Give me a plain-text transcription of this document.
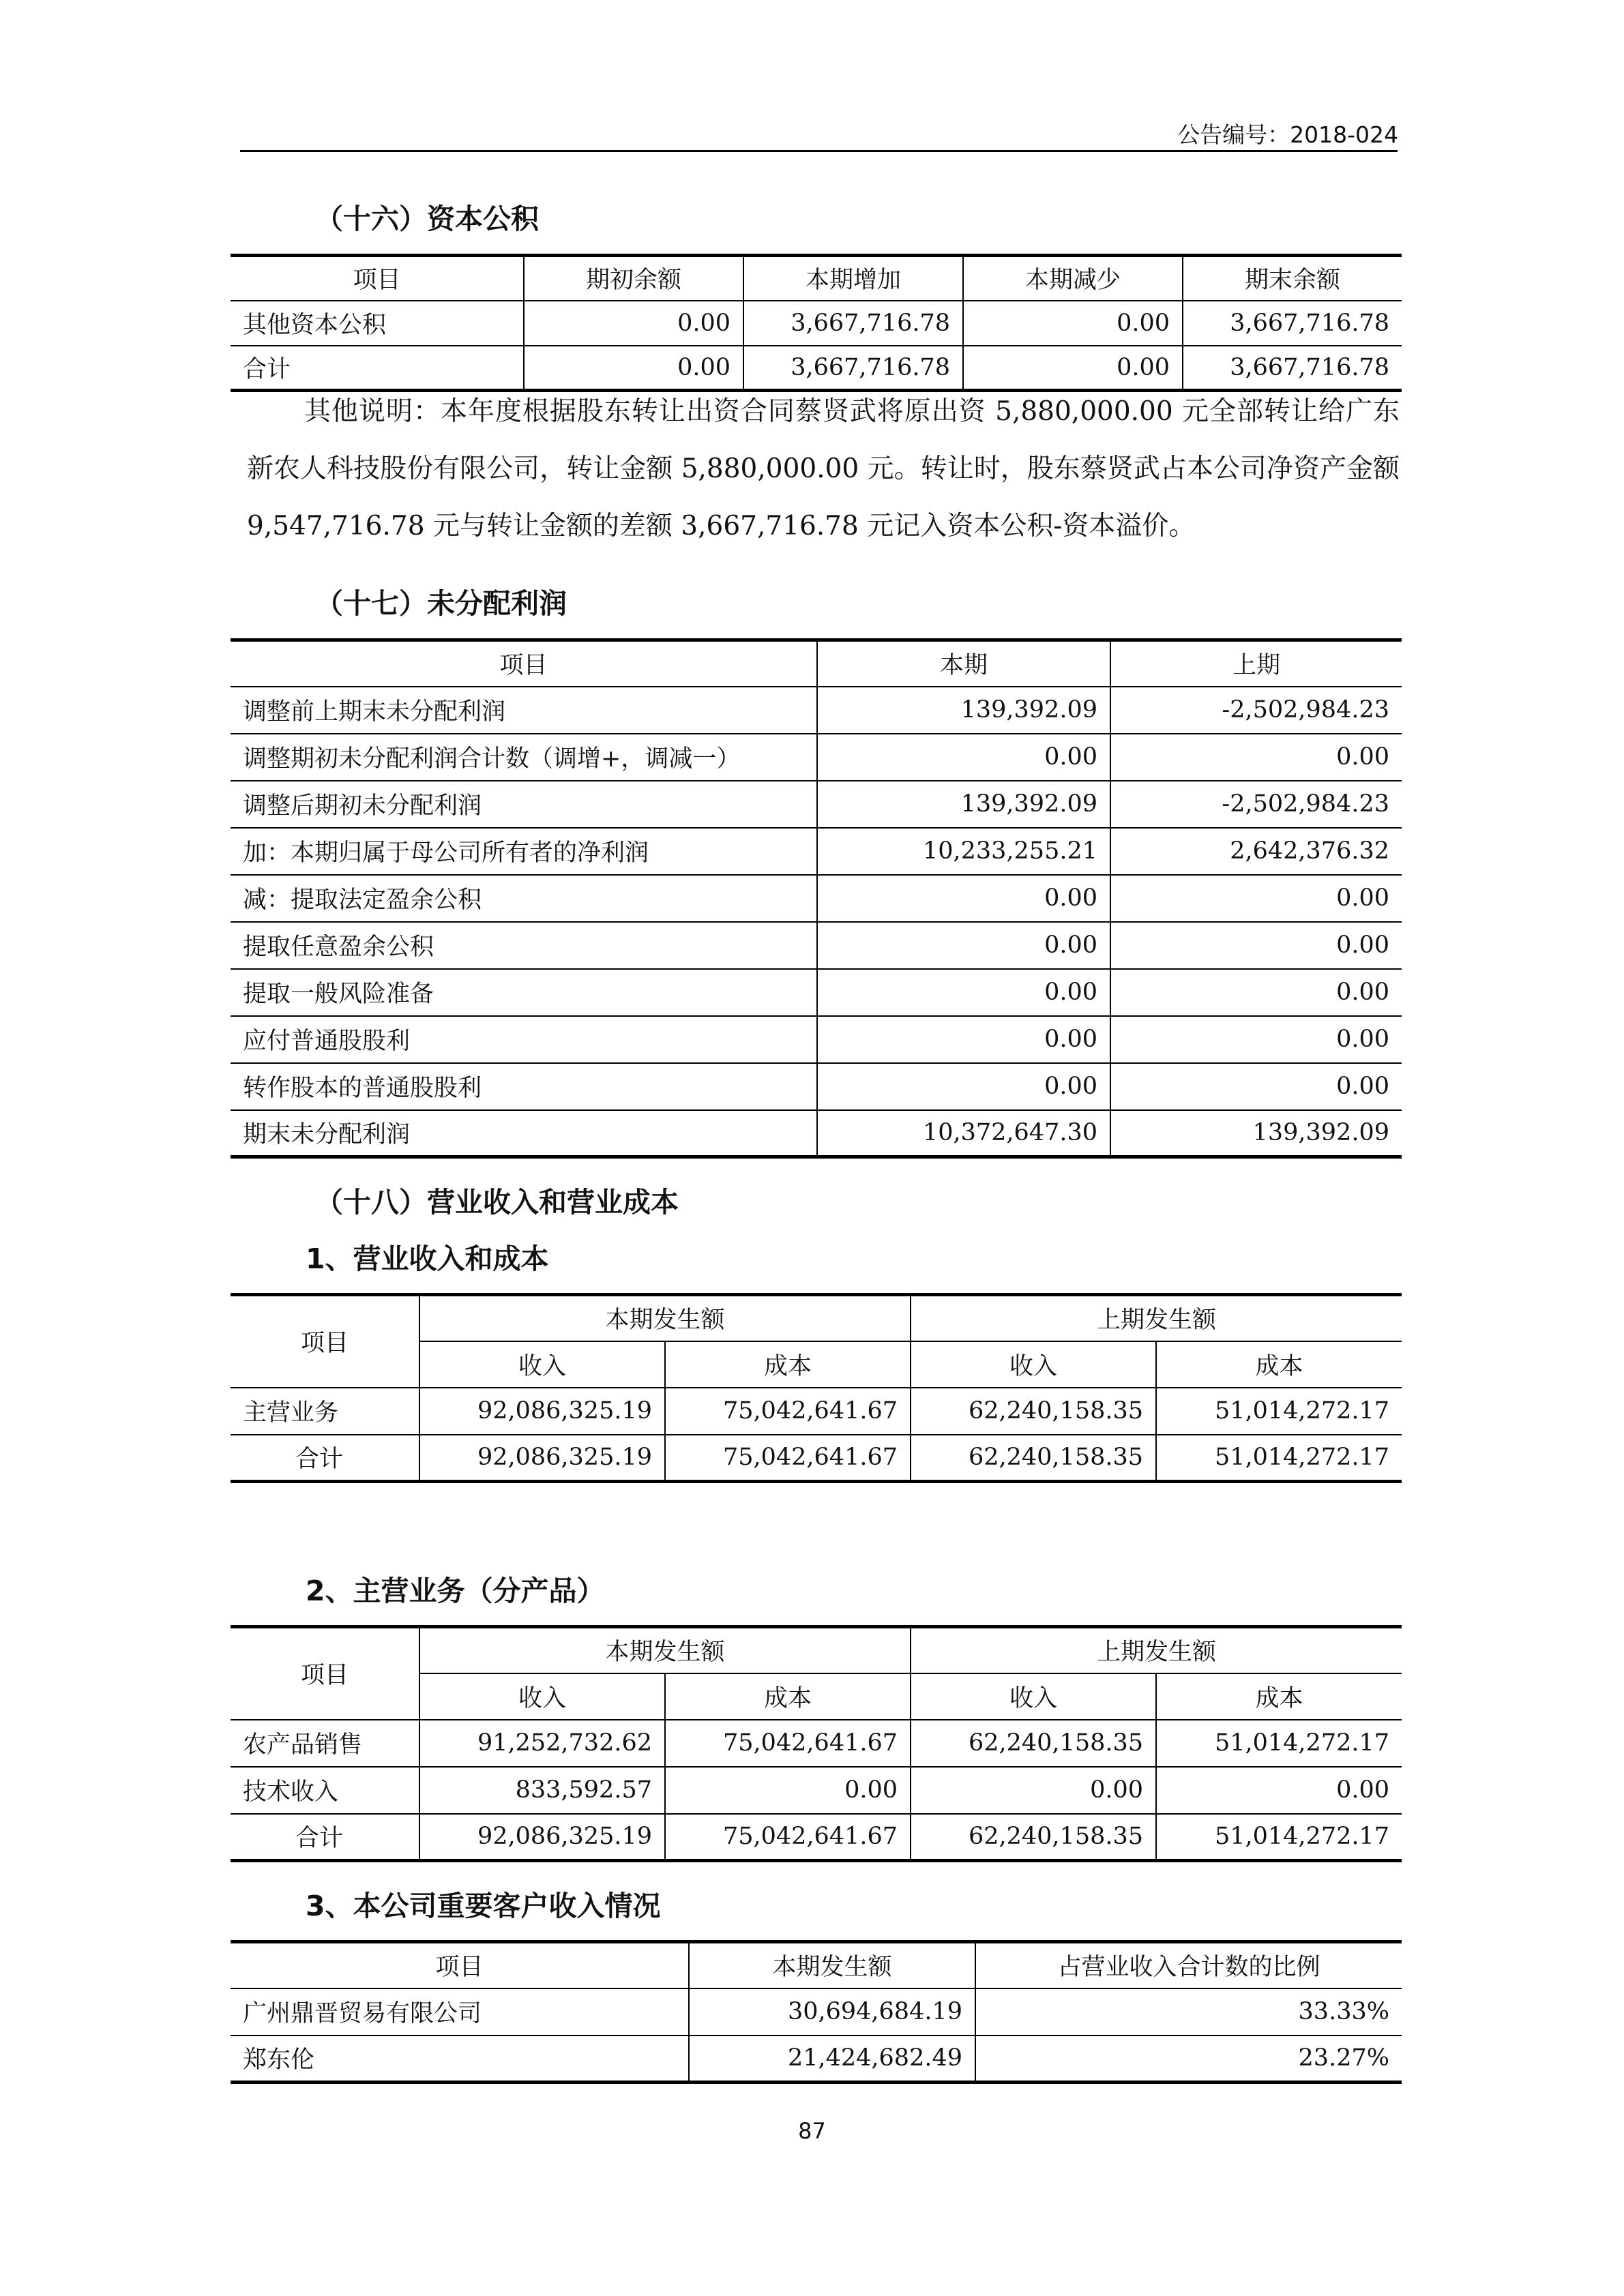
公告编号：2018-024
（十六）资本公积
项目	期初余额	本期增加	本期减少	期末余额
其他资本公积	0.00	3,667,716.78	0.00	3,667,716.78
合计	0.00	3,667,716.78	0.00	3,667,716.78
其他说明：本年度根据股东转让出资合同蔡贤武将原出资 5,880,000.00 元全部转让给广东新农人科技股份有限公司，转让金额 5,880,000.00 元。转让时，股东蔡贤武占本公司净资产金额 9,547,716.78 元与转让金额的差额 3,667,716.78 元记入资本公积-资本溢价。
（十七）未分配利润
项目	本期	上期
调整前上期末未分配利润	139,392.09	-2,502,984.23
调整期初未分配利润合计数（调增+，调减一）	0.00	0.00
调整后期初未分配利润	139,392.09	-2,502,984.23
加：本期归属于母公司所有者的净利润	10,233,255.21	2,642,376.32
减：提取法定盈余公积	0.00	0.00
提取任意盈余公积	0.00	0.00
提取一般风险准备	0.00	0.00
应付普通股股利	0.00	0.00
转作股本的普通股股利	0.00	0.00
期末未分配利润	10,372,647.30	139,392.09
（十八）营业收入和营业成本
1、营业收入和成本
项目	本期发生额		上期发生额	
	收入	成本	收入	成本
主营业务	92,086,325.19	75,042,641.67	62,240,158.35	51,014,272.17
合计	92,086,325.19	75,042,641.67	62,240,158.35	51,014,272.17
2、主营业务（分产品）
项目	本期发生额		上期发生额	
	收入	成本	收入	成本
农产品销售	91,252,732.62	75,042,641.67	62,240,158.35	51,014,272.17
技术收入	833,592.57	0.00	0.00	0.00
合计	92,086,325.19	75,042,641.67	62,240,158.35	51,014,272.17
3、本公司重要客户收入情况
项目	本期发生额	占营业收入合计数的比例
广州鼎晋贸易有限公司	30,694,684.19	33.33%
郑东伦	21,424,682.49	23.27%
87
